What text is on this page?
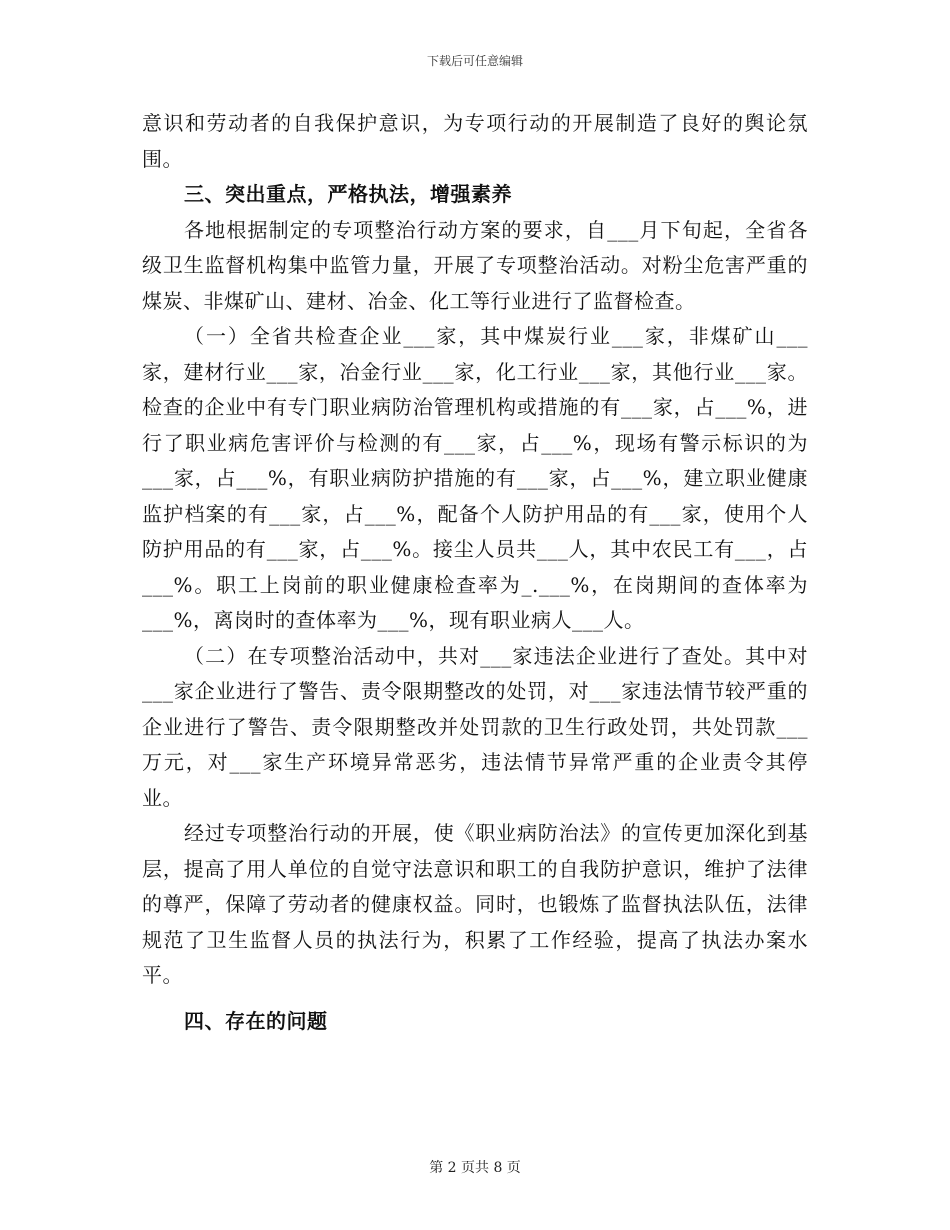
下载后可任意编辑

意识和劳动者的自我保护意识，为专项行动的开展制造了良好的舆论氛围。

三、突出重点，严格执法，增强素养

各地根据制定的专项整治行动方案的要求，自___月下旬起，全省各级卫生监督机构集中监管力量，开展了专项整治活动。对粉尘危害严重的煤炭、非煤矿山、建材、冶金、化工等行业进行了监督检查。

（一）全省共检查企业___家，其中煤炭行业___家，非煤矿山___家，建材行业___家，冶金行业___家，化工行业___家，其他行业___家。检查的企业中有专门职业病防治管理机构或措施的有___家，占___%，进行了职业病危害评价与检测的有___家，占___%，现场有警示标识的为___家，占___%，有职业病防护措施的有___家，占___%，建立职业健康监护档案的有___家，占___%，配备个人防护用品的有___家，使用个人防护用品的有___家，占___%。接尘人员共___人，其中农民工有___，占___%。职工上岗前的职业健康检查率为_.___%，在岗期间的查体率为___%，离岗时的查体率为___%，现有职业病人___人。

（二）在专项整治活动中，共对___家违法企业进行了查处。其中对___家企业进行了警告、责令限期整改的处罚，对___家违法情节较严重的企业进行了警告、责令限期整改并处罚款的卫生行政处罚，共处罚款___万元，对___家生产环境异常恶劣，违法情节异常严重的企业责令其停业。

经过专项整治行动的开展，使《职业病防治法》的宣传更加深化到基层，提高了用人单位的自觉守法意识和职工的自我防护意识，维护了法律的尊严，保障了劳动者的健康权益。同时，也锻炼了监督执法队伍，法律规范了卫生监督人员的执法行为，积累了工作经验，提高了执法办案水平。

四、存在的问题

第 2 页共 8 页
